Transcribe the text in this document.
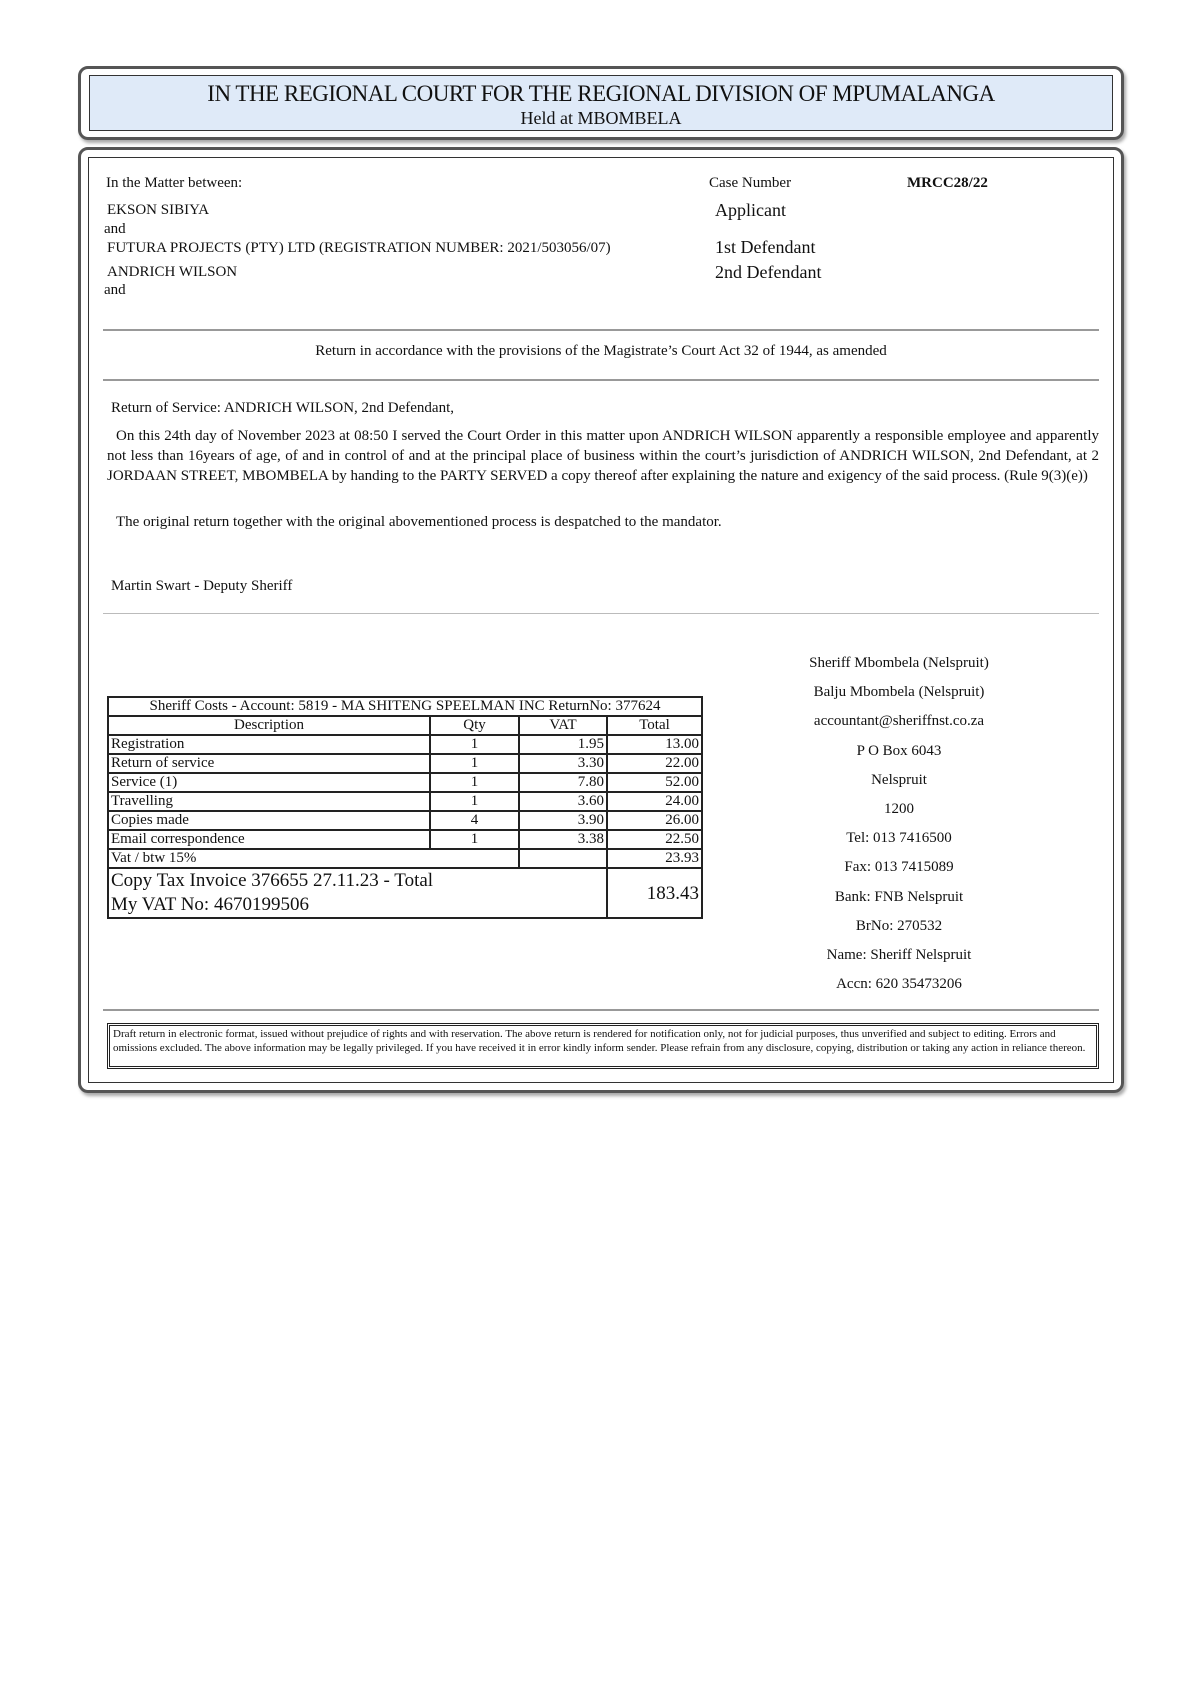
IN THE REGIONAL COURT FOR THE REGIONAL DIVISION OF MPUMALANGA
Held at MBOMBELA
In the Matter between:	Case Number	MRCC28/22
EKSON SIBIYA	Applicant
and
FUTURA PROJECTS (PTY) LTD (REGISTRATION NUMBER: 2021/503056/07)	1st Defendant
ANDRICH WILSON	2nd Defendant
and
Return in accordance with the provisions of the Magistrate’s Court Act 32 of 1944, as amended
Return of Service: ANDRICH WILSON, 2nd Defendant,
On this 24th day of November 2023 at 08:50 I served the Court Order in this matter upon ANDRICH WILSON apparently a responsible employee and apparently not less than 16years of age, of and in control of and at the principal place of business within the court’s jurisdiction of ANDRICH WILSON, 2nd Defendant, at 2 JORDAAN STREET, MBOMBELA by handing to the PARTY SERVED a copy thereof after explaining the nature and exigency of the said process. (Rule 9(3)(e))
The original return together with the original abovementioned process is despatched to the mandator.
Martin Swart - Deputy Sheriff
Sheriff Costs - Account: 5819 - MA SHITENG SPEELMAN INC ReturnNo: 377624			
Description	Qty	VAT	Total
Registration	1	1.95	13.00
Return of service	1	3.30	22.00
Service (1)	1	7.80	52.00
Travelling	1	3.60	24.00
Copies made	4	3.90	26.00
Email correspondence	1	3.38	22.50
Vat / btw 15%			23.93

Copy Tax Invoice 376655 27.11.23 - Total
My VAT No: 4670199506			183.43
Sheriff Mbombela (Nelspruit)
Balju Mbombela (Nelspruit)
accountant@sheriffnst.co.za
P O Box 6043
Nelspruit
1200
Tel: 013 7416500
Fax: 013 7415089
Bank: FNB Nelspruit
BrNo: 270532
Name: Sheriff Nelspruit
Accn: 620 35473206
Draft return in electronic format, issued without prejudice of rights and with reservation. The above return is rendered for notification only, not for judicial purposes, thus unverified and subject to editing. Errors and omissions excluded. The above information may be legally privileged. If you have received it in error kindly inform sender. Please refrain from any disclosure, copying, distribution or taking any action in reliance thereon.
